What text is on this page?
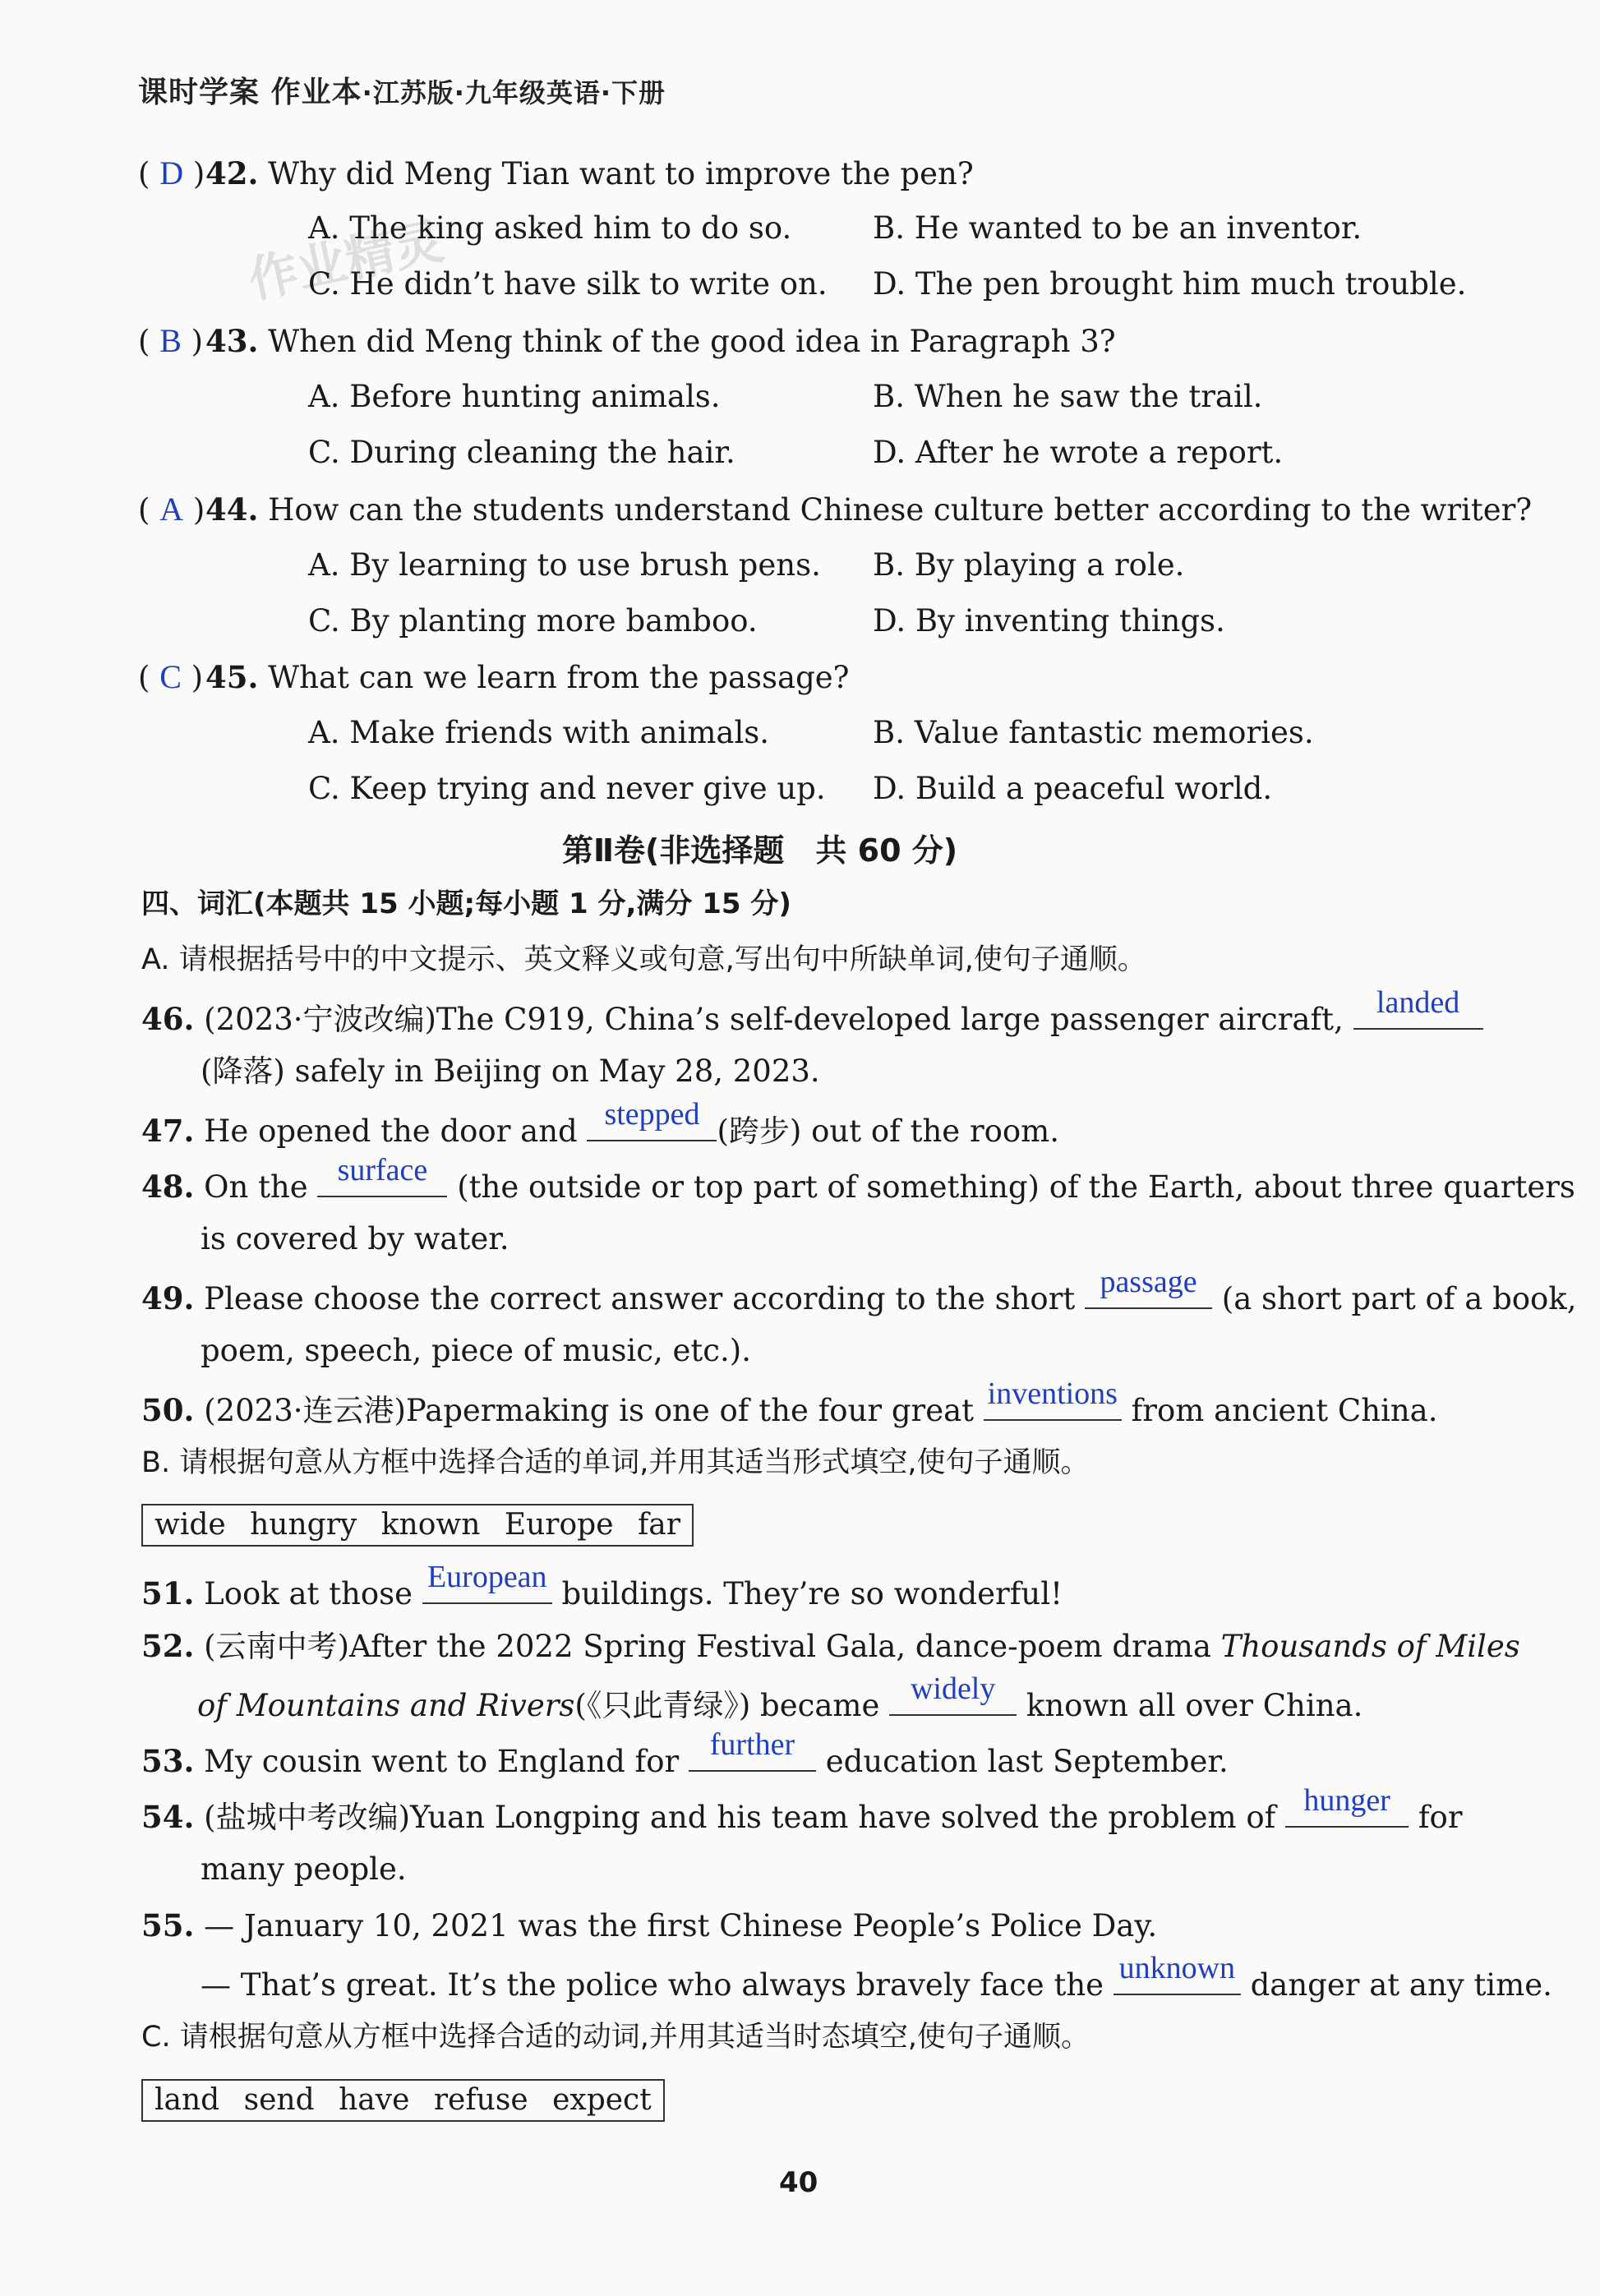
课时学案 作业本·江苏版·九年级英语·下册
作业精灵
( D )42. Why did Meng Tian want to improve the pen?
A. The king asked him to do so.	B. He wanted to be an inventor.
C. He didn’t have silk to write on. D. The pen brought him much trouble.
( B )43. When did Meng think of the good idea in Paragraph 3?
A. Before hunting animals.	B. When he saw the trail.
C. During cleaning the hair.	D. After he wrote a report.
( A )44. How can the students understand Chinese culture better according to the writer?
A. By learning to use brush pens. B. By playing a role.
C. By planting more bamboo.	D. By inventing things.
( C )45. What can we learn from the passage?
A. Make friends with animals.	B. Value fantastic memories.
C. Keep trying and never give up. D. Build a peaceful world.
第Ⅱ卷(非选择题　共 60 分)
四、词汇(本题共 15 小题;每小题 1 分,满分 15 分)
A. 请根据括号中的中文提示、英文释义或句意,写出句中所缺单词,使句子通顺。
46. (2023·宁波改编)The C919, China’s self-developed large passenger aircraft,	landed
(降落) safely in Beijing on May 28, 2023.
47. He opened the door and stepped (跨步) out of the room.
48. On the surface (the outside or top part of something) of the Earth, about three quarters
is covered by water.
49. Please choose the correct answer according to the short passage (a short part of a book,
poem, speech, piece of music, etc.).
50. (2023·连云港)Papermaking is one of the four great inventions from ancient China.
B. 请根据句意从方框中选择合适的单词,并用其适当形式填空,使句子通顺。
wide hungry known Europe far
51. Look at those European buildings. They’re so wonderful!
52. (云南中考)After the 2022 Spring Festival Gala, dance-poem drama Thousands of Miles
of Mountains and Rivers(《只此青绿》) became widely	known all over China.
53. My cousin went to England for further	education last September.
54. (盐城中考改编)Yuan Longping and his team have solved the problem of hunger for
many people.
55. — January 10, 2021 was the first Chinese People’s Police Day.
— That’s great. It’s the police who always bravely face the unknown danger at any time.
C. 请根据句意从方框中选择合适的动词,并用其适当时态填空,使句子通顺。
land send have refuse expect
40
